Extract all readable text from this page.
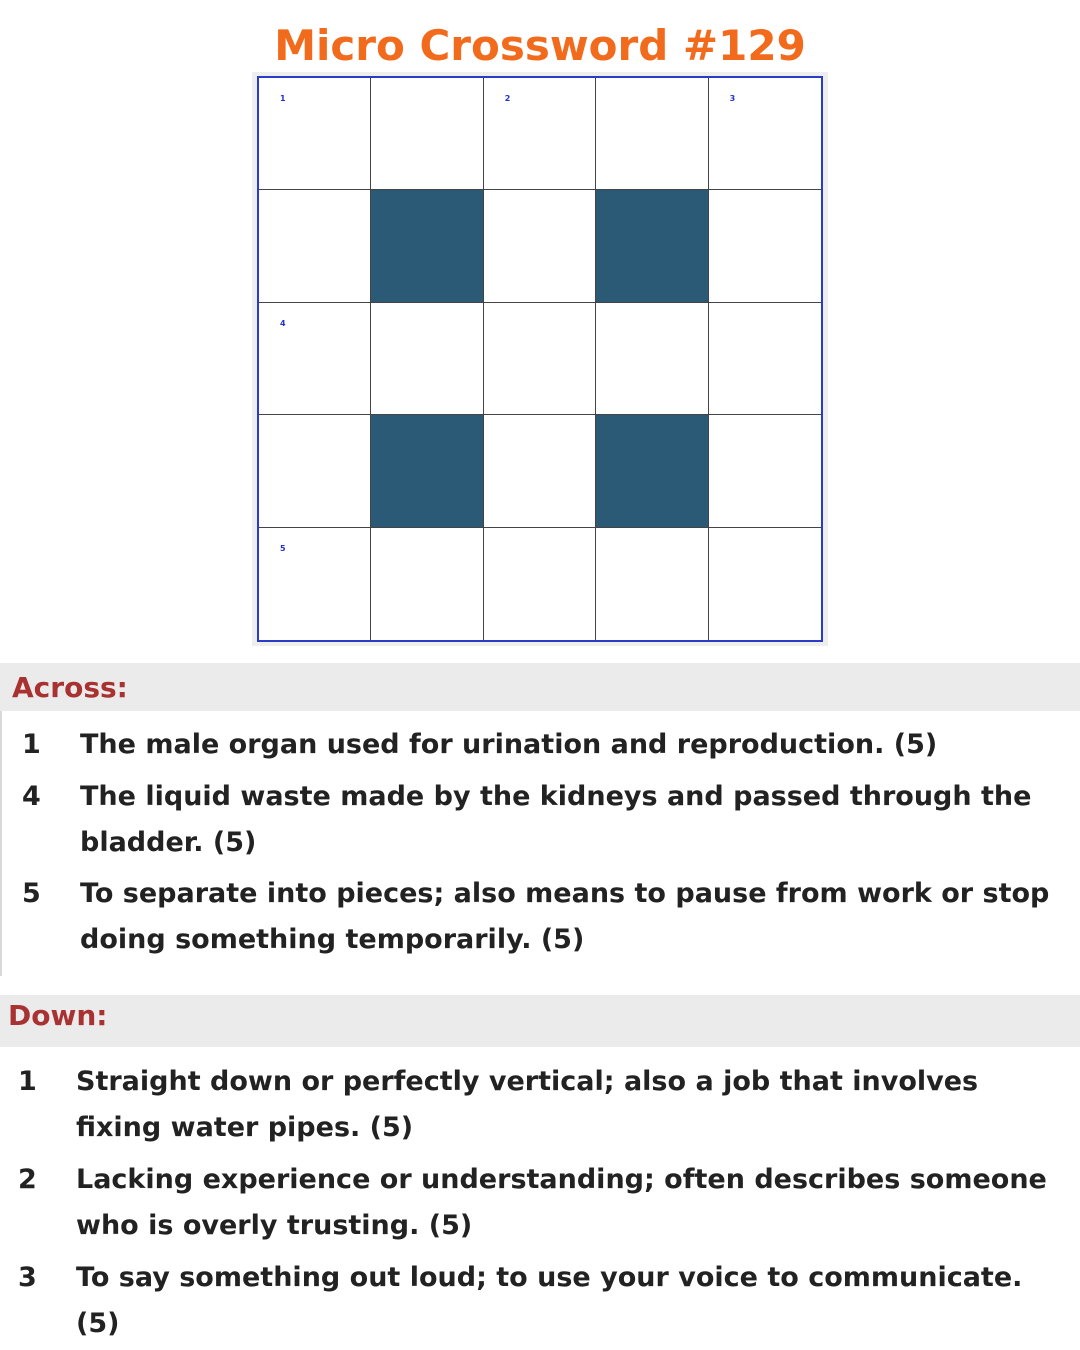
Micro Crossword #129
1	2	3
4
5
Across:
1	The male organ used for urination and reproduction. (5)
4	The liquid waste made by the kidneys and passed through the bladder. (5)
5	To separate into pieces; also means to pause from work or stop doing something temporarily. (5)
Down:
1	Straight down or perfectly vertical; also a job that involves fixing water pipes. (5)
2	Lacking experience or understanding; often describes someone who is overly trusting. (5)
3	To say something out loud; to use your voice to communicate. (5)
